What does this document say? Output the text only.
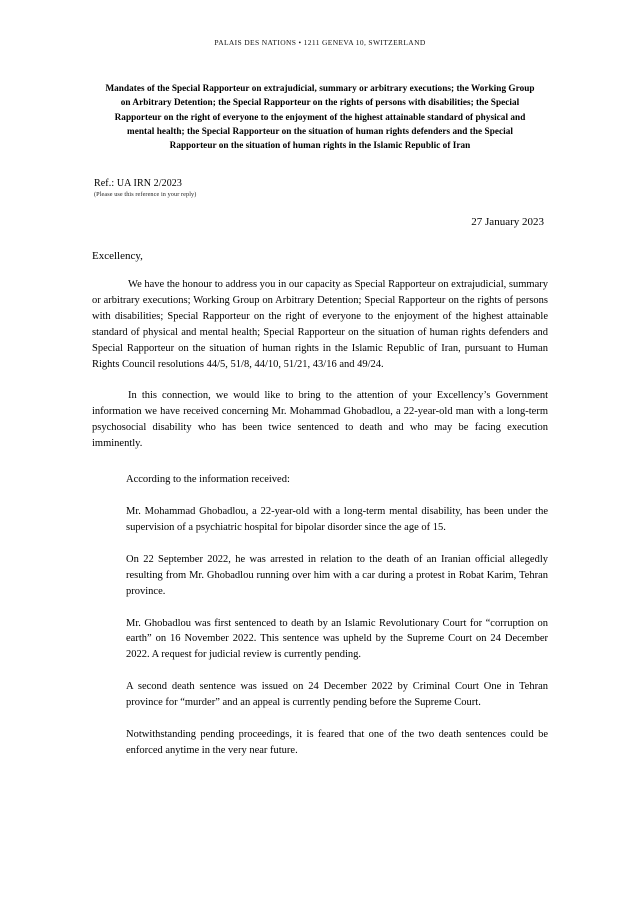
PALAIS DES NATIONS • 1211 GENEVA 10, SWITZERLAND
Mandates of the Special Rapporteur on extrajudicial, summary or arbitrary executions; the Working Group on Arbitrary Detention; the Special Rapporteur on the rights of persons with disabilities; the Special Rapporteur on the right of everyone to the enjoyment of the highest attainable standard of physical and mental health; the Special Rapporteur on the situation of human rights defenders and the Special Rapporteur on the situation of human rights in the Islamic Republic of Iran
Ref.: UA IRN 2/2023
(Please use this reference in your reply)
27 January 2023
Excellency,

We have the honour to address you in our capacity as Special Rapporteur on extrajudicial, summary or arbitrary executions; Working Group on Arbitrary Detention; Special Rapporteur on the rights of persons with disabilities; Special Rapporteur on the right of everyone to the enjoyment of the highest attainable standard of physical and mental health; Special Rapporteur on the situation of human rights defenders and Special Rapporteur on the situation of human rights in the Islamic Republic of Iran, pursuant to Human Rights Council resolutions 44/5, 51/8, 44/10, 51/21, 43/16 and 49/24.

In this connection, we would like to bring to the attention of your Excellency’s Government information we have received concerning Mr. Mohammad Ghobadlou, a 22-year-old man with a long-term psychosocial disability who has been twice sentenced to death and who may be facing execution imminently.

According to the information received:

Mr. Mohammad Ghobadlou, a 22-year-old with a long-term mental disability, has been under the supervision of a psychiatric hospital for bipolar disorder since the age of 15.

On 22 September 2022, he was arrested in relation to the death of an Iranian official allegedly resulting from Mr. Ghobadlou running over him with a car during a protest in Robat Karim, Tehran province.

Mr. Ghobadlou was first sentenced to death by an Islamic Revolutionary Court for “corruption on earth” on 16 November 2022. This sentence was upheld by the Supreme Court on 24 December 2022. A request for judicial review is currently pending.

A second death sentence was issued on 24 December 2022 by Criminal Court One in Tehran province for “murder” and an appeal is currently pending before the Supreme Court.

Notwithstanding pending proceedings, it is feared that one of the two death sentences could be enforced anytime in the very near future.
